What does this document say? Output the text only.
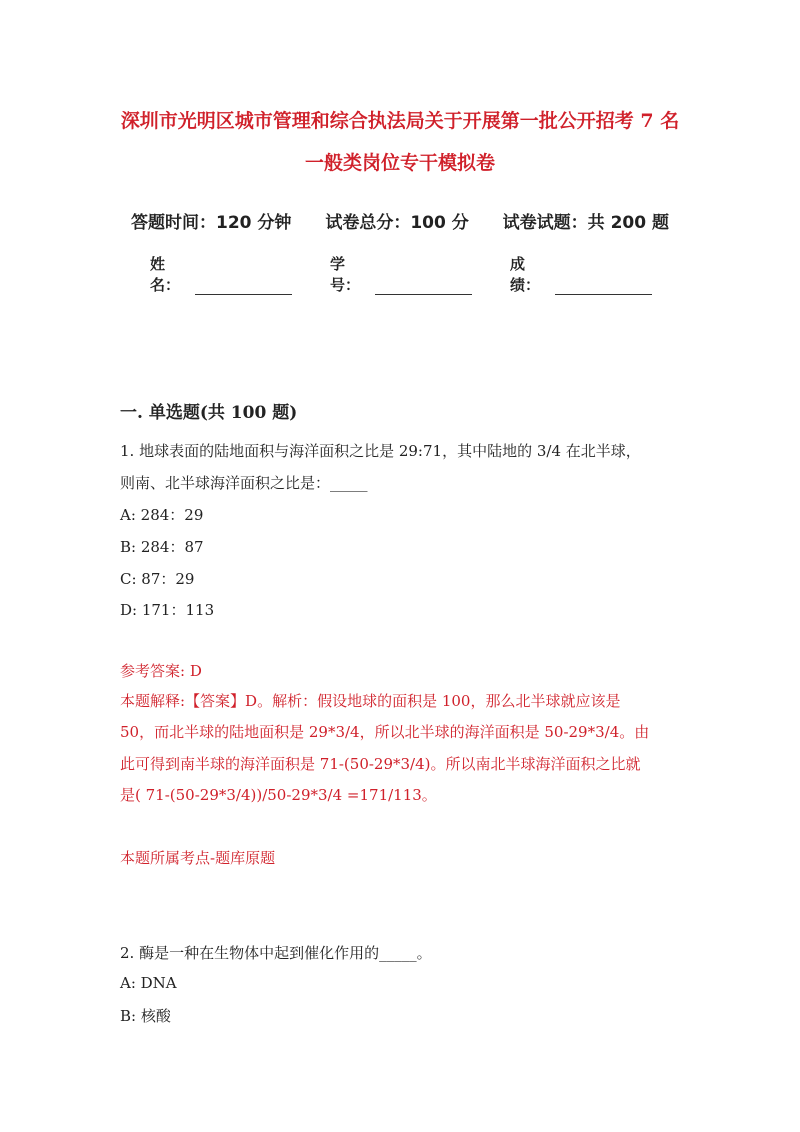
深圳市光明区城市管理和综合执法局关于开展第一批公开招考 7 名
一般类岗位专干模拟卷
答题时间：120 分钟 试卷总分：100 分 试卷试题：共 200 题
姓名：
学号：
成绩：
一. 单选题(共 100 题)
1. 地球表面的陆地面积与海洋面积之比是 29:71，其中陆地的 3/4 在北半球，
则南、北半球海洋面积之比是：_____
A: 284：29
B: 284：87
C: 87：29
D: 171：113
参考答案: D
本题解释:【答案】D。解析：假设地球的面积是 100，那么北半球就应该是
50，而北半球的陆地面积是 29*3/4，所以北半球的海洋面积是 50-29*3/4。由
此可得到南半球的海洋面积是 71-(50-29*3/4)。所以南北半球海洋面积之比就
是( 71-(50-29*3/4))/50-29*3/4 =171/113。
本题所属考点-题库原题
2. 酶是一种在生物体中起到催化作用的_____。
A: DNA
B: 核酸
